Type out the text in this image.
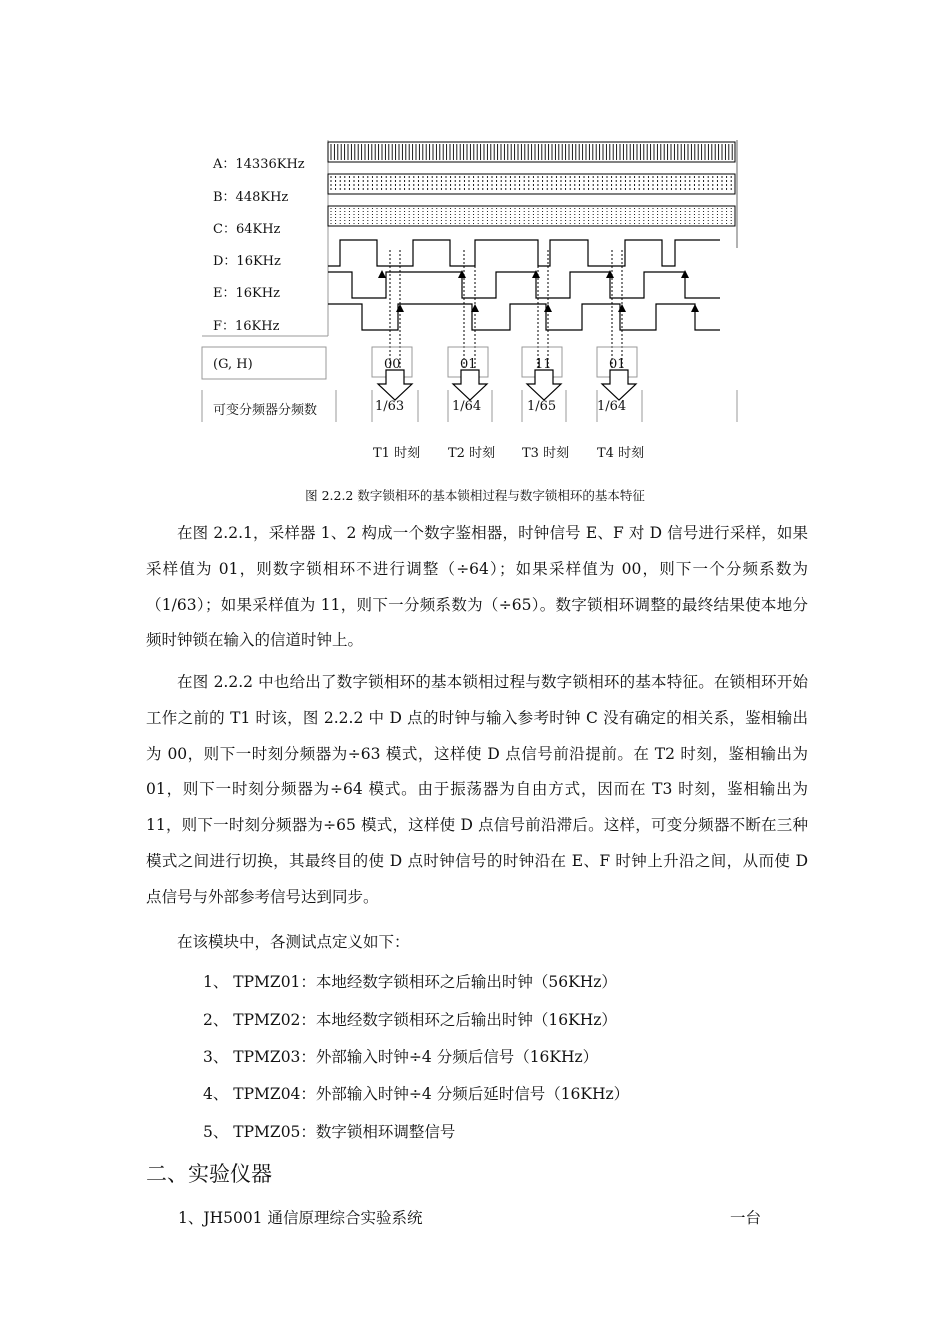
A：14336KHz
B：448KHz
C：64KHz
D：16KHz
E：16KHz
F：16KHz
(G, H)
可变分频器分频数
00	01	11	01
1/63	1/64	1/65	1/64
T1 时刻 T2 时刻 T3 时刻 T4 时刻
图 2.2.2 数字锁相环的基本锁相过程与数字锁相环的基本特征
在图 2.2.1，采样器 1、2 构成一个数字鉴相器，时钟信号 E、F 对 D 信号进行采样，如果采样值为 01，则数字锁相环不进行调整（÷64）；如果采样值为 00，则下一个分频系数为（1/63）；如果采样值为 11，则下一分频系数为（÷65）。数字锁相环调整的最终结果使本地分频时钟锁在输入的信道时钟上。
在图 2.2.2 中也给出了数字锁相环的基本锁相过程与数字锁相环的基本特征。在锁相环开始工作之前的 T1 时该，图 2.2.2 中 D 点的时钟与输入参考时钟 C 没有确定的相关系，鉴相输出为 00，则下一时刻分频器为÷63 模式，这样使 D 点信号前沿提前。在 T2 时刻，鉴相输出为 01，则下一时刻分频器为÷64 模式。由于振荡器为自由方式，因而在 T3 时刻，鉴相输出为 11，则下一时刻分频器为÷65 模式，这样使 D 点信号前沿滞后。这样，可变分频器不断在三种模式之间进行切换，其最终目的使 D 点时钟信号的时钟沿在 E、F 时钟上升沿之间，从而使 D 点信号与外部参考信号达到同步。
在该模块中，各测试点定义如下：
1、 TPMZ01：本地经数字锁相环之后输出时钟（56KHz）
2、 TPMZ02：本地经数字锁相环之后输出时钟（16KHz）
3、 TPMZ03：外部输入时钟÷4 分频后信号（16KHz）
4、 TPMZ04：外部输入时钟÷4 分频后延时信号（16KHz）
5、 TPMZ05：数字锁相环调整信号
二、实验仪器
1、JH5001 通信原理综合实验系统	一台
